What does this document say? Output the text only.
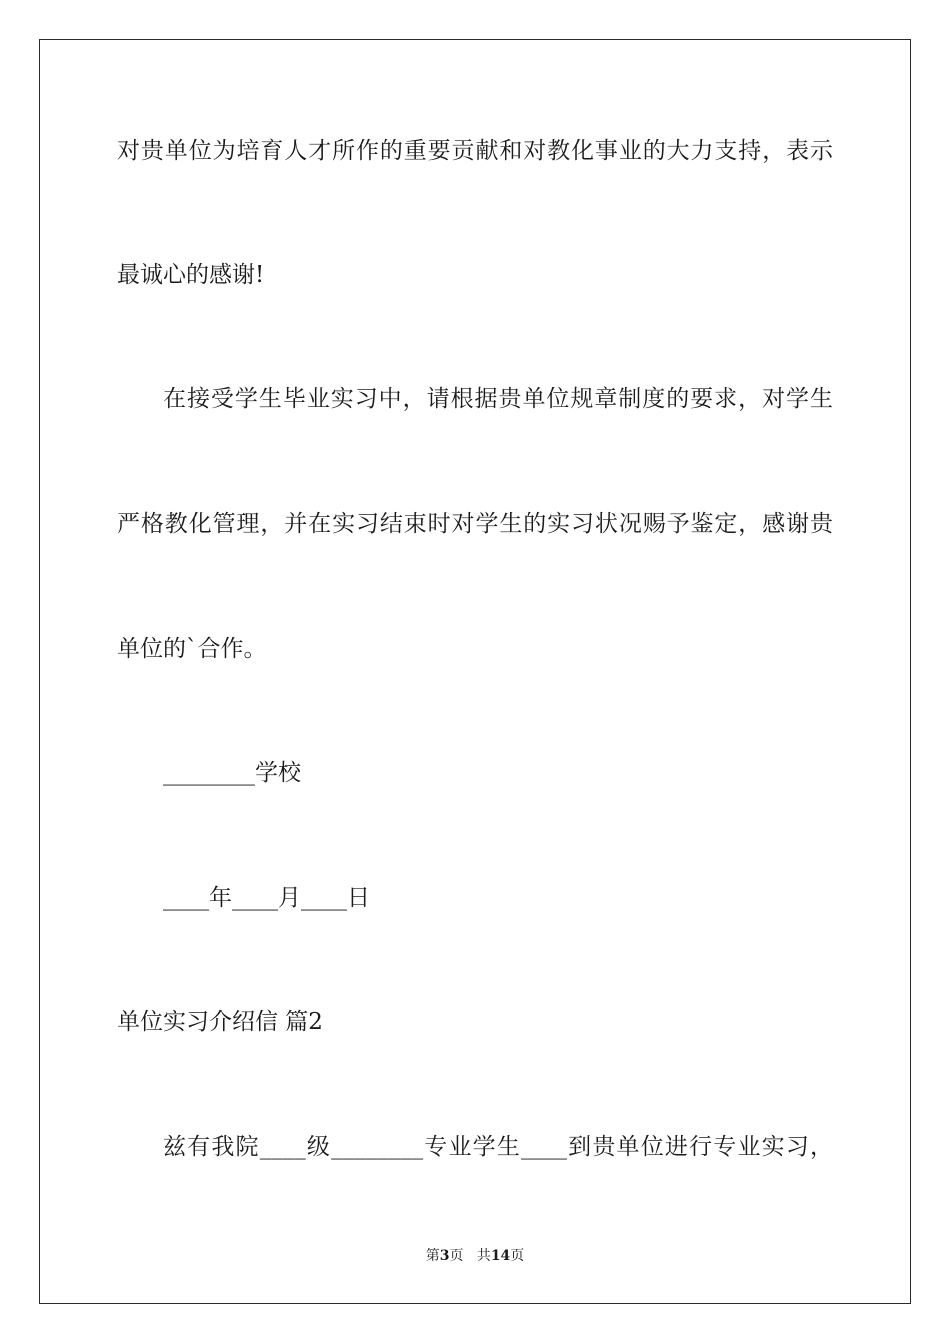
对贵单位为培育人才所作的重要贡献和对教化事业的大力支持，表示
最诚心的感谢!
在接受学生毕业实习中，请根据贵单位规章制度的要求，对学生
严格教化管理，并在实习结束时对学生的实习状况赐予鉴定，感谢贵
单位的`合作。
________学校
____年____月____日
单位实习介绍信 篇2
兹有我院____级________专业学生____到贵单位进行专业实习，
第3页 共14页
